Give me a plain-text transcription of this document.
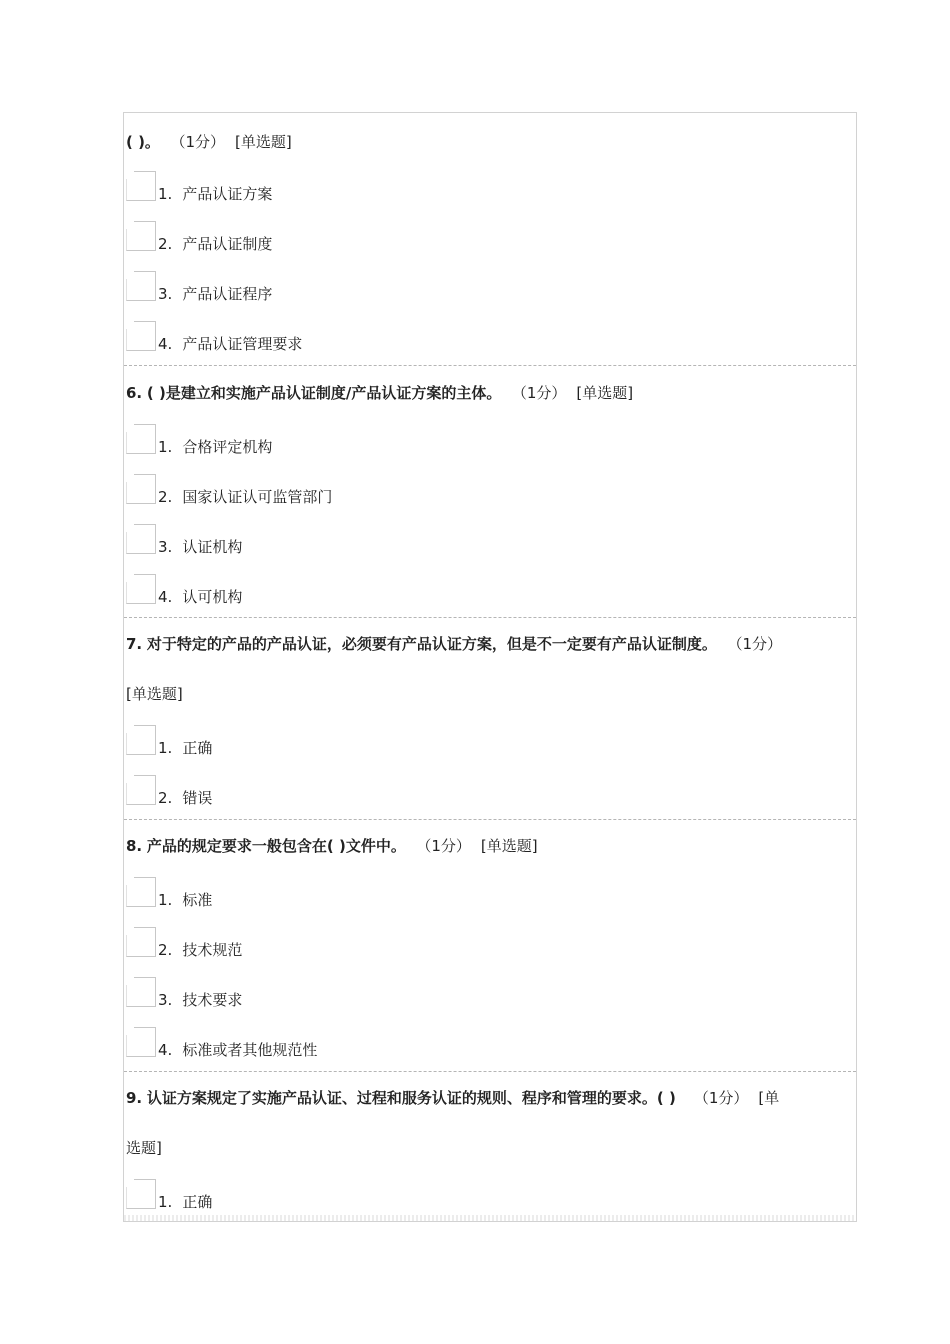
( )。 （1分） [单选题]
1. 产品认证方案
2. 产品认证制度
3. 产品认证程序
4. 产品认证管理要求
6. ( )是建立和实施产品认证制度/产品认证方案的主体。 （1分） [单选题]
1. 合格评定机构
2. 国家认证认可监管部门
3. 认证机构
4. 认可机构
7. 对于特定的产品的产品认证，必须要有产品认证方案，但是不一定要有产品认证制度。 （1分）
[单选题]
1. 正确
2. 错误
8. 产品的规定要求一般包含在( )文件中。 （1分） [单选题]
1. 标准
2. 技术规范
3. 技术要求
4. 标准或者其他规范性
9. 认证方案规定了实施产品认证、过程和服务认证的规则、程序和管理的要求。( ) （1分） [单
选题]
1. 正确
